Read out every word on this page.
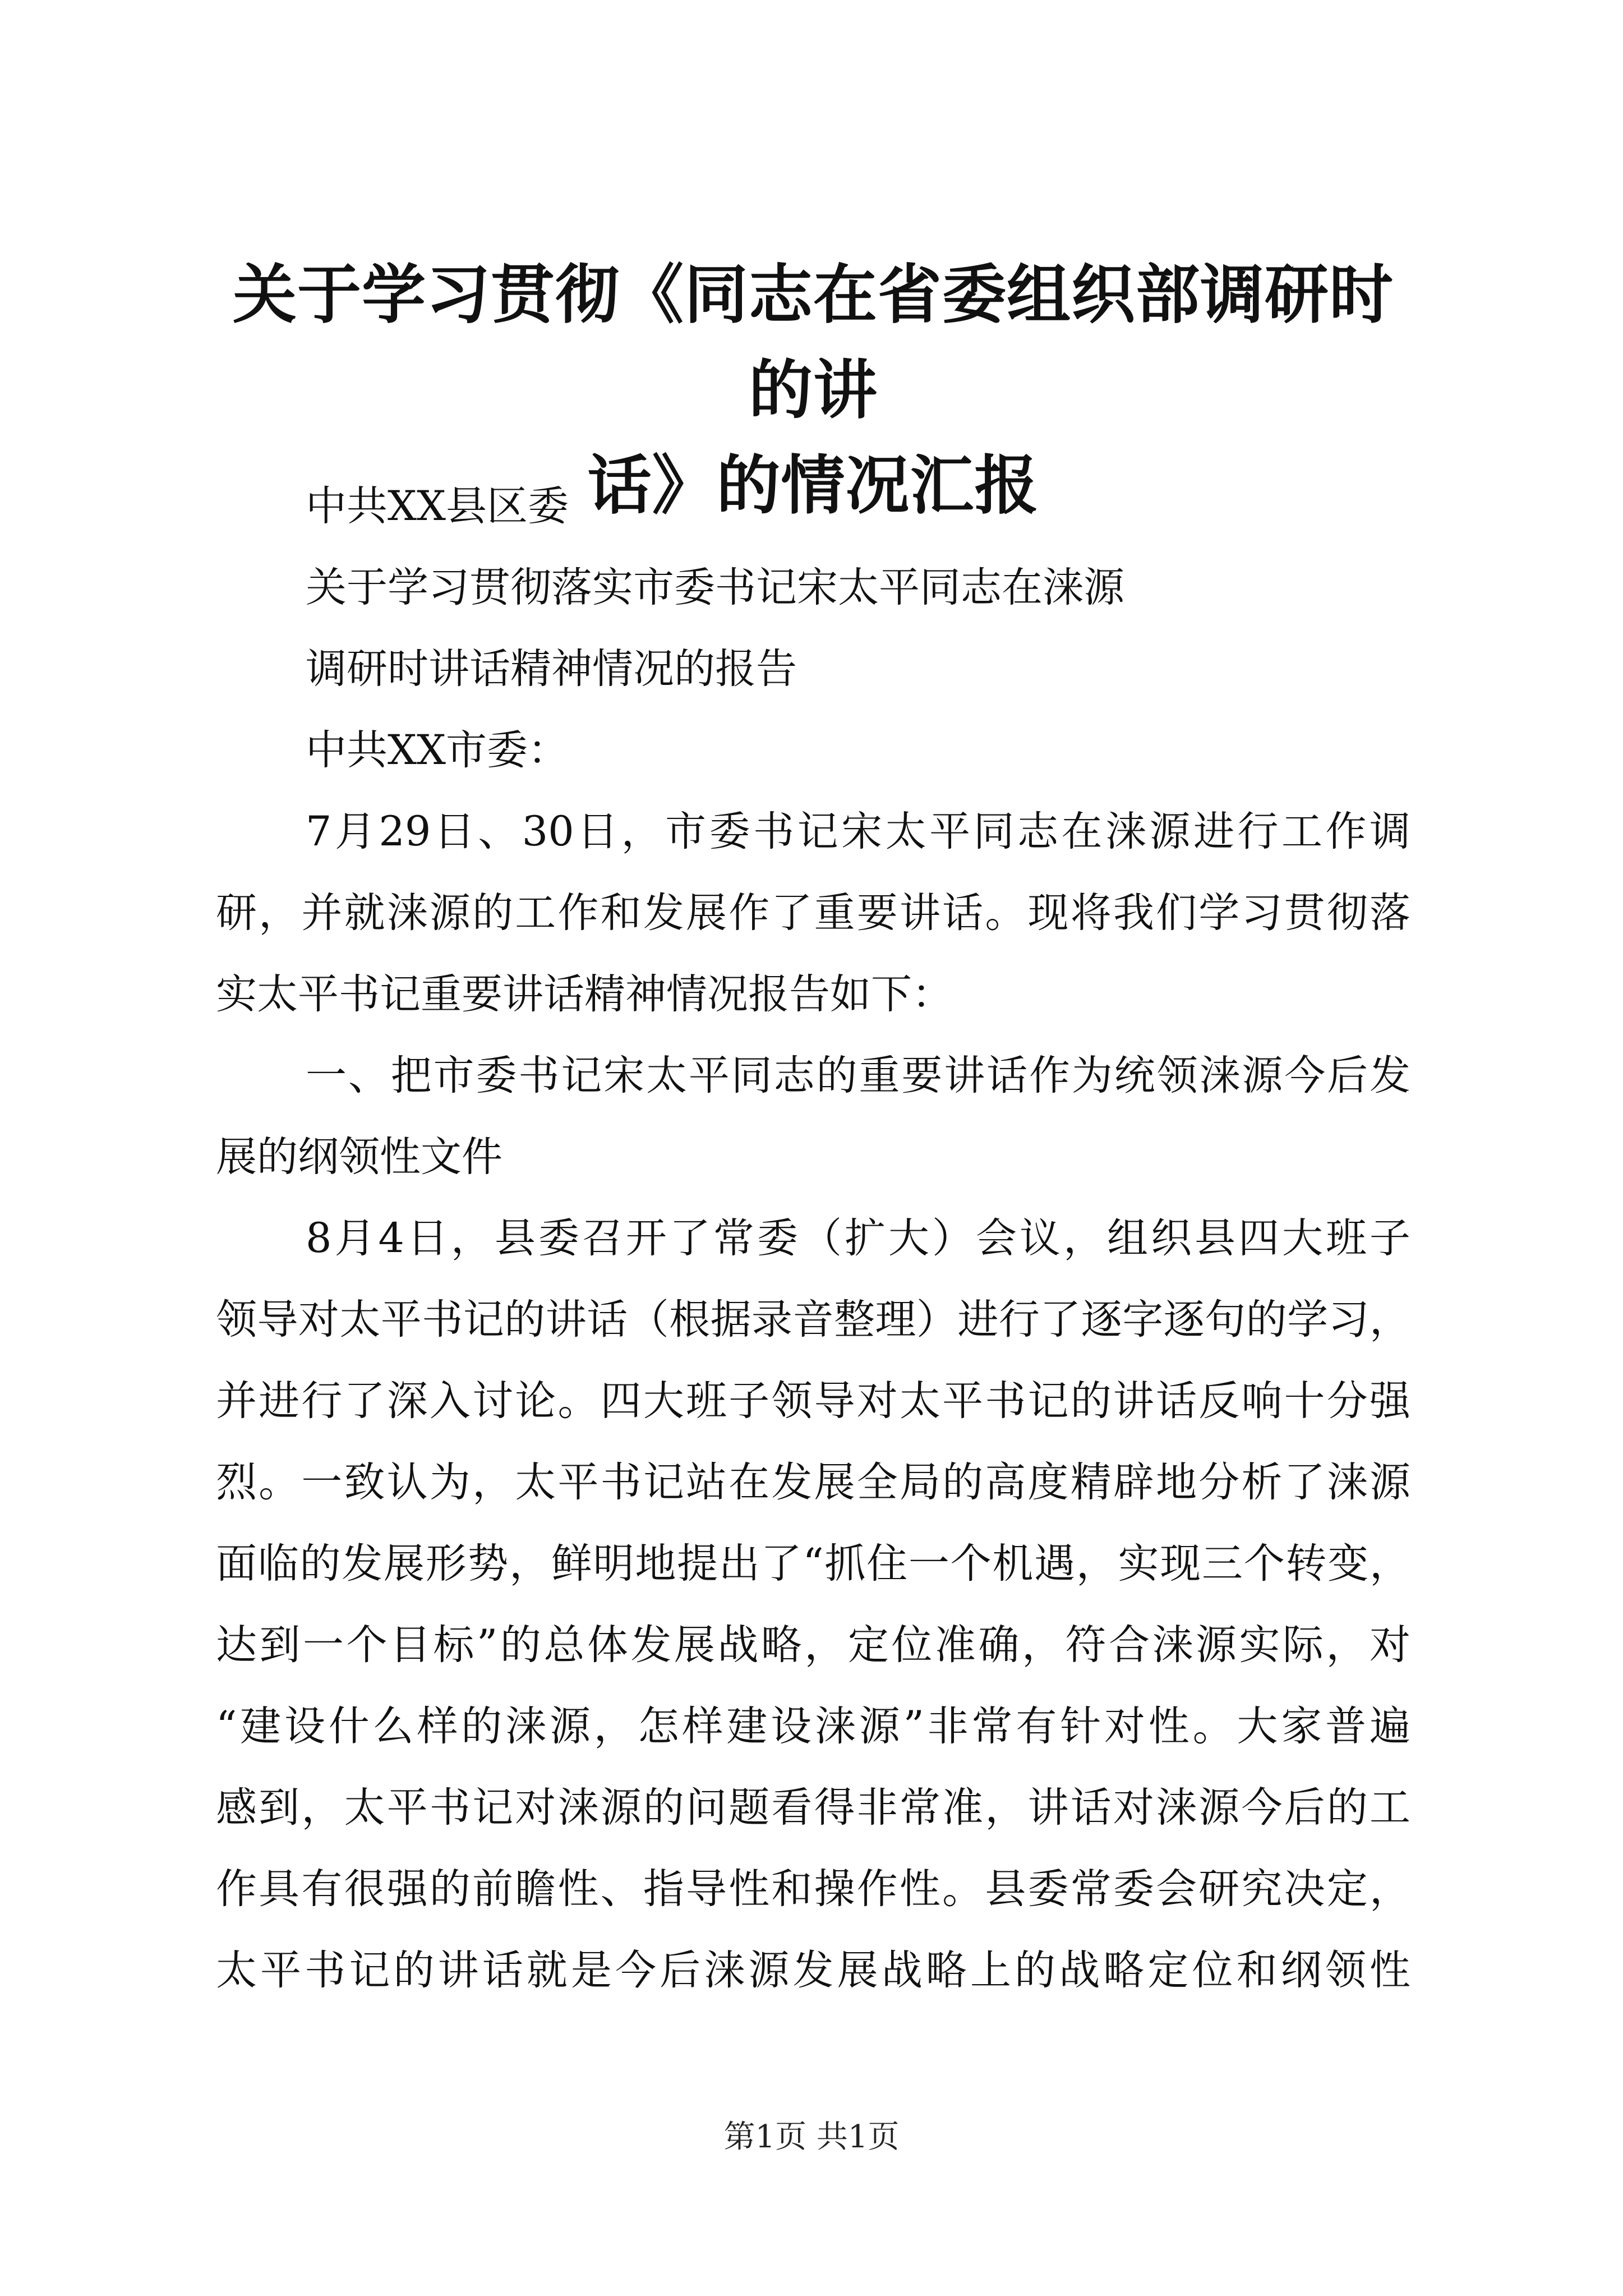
关于学习贯彻《同志在省委组织部调研时的讲
话》的情况汇报
中共XX县区委
关于学习贯彻落实市委书记宋太平同志在涞源
调研时讲话精神情况的报告
中共XX市委：
7月29日、30日，市委书记宋太平同志在涞源进行工作调
研，并就涞源的工作和发展作了重要讲话。现将我们学习贯彻落
实太平书记重要讲话精神情况报告如下：
一、把市委书记宋太平同志的重要讲话作为统领涞源今后发
展的纲领性文件
8月4日，县委召开了常委（扩大）会议，组织县四大班子
领导对太平书记的讲话（根据录音整理）进行了逐字逐句的学习，
并进行了深入讨论。四大班子领导对太平书记的讲话反响十分强
烈。一致认为，太平书记站在发展全局的高度精辟地分析了涞源
面临的发展形势，鲜明地提出了“抓住一个机遇，实现三个转变，
达到一个目标”的总体发展战略，定位准确，符合涞源实际，对
“建设什么样的涞源，怎样建设涞源”非常有针对性。大家普遍
感到，太平书记对涞源的问题看得非常准，讲话对涞源今后的工
作具有很强的前瞻性、指导性和操作性。县委常委会研究决定，
太平书记的讲话就是今后涞源发展战略上的战略定位和纲领性
第1页 共1页
